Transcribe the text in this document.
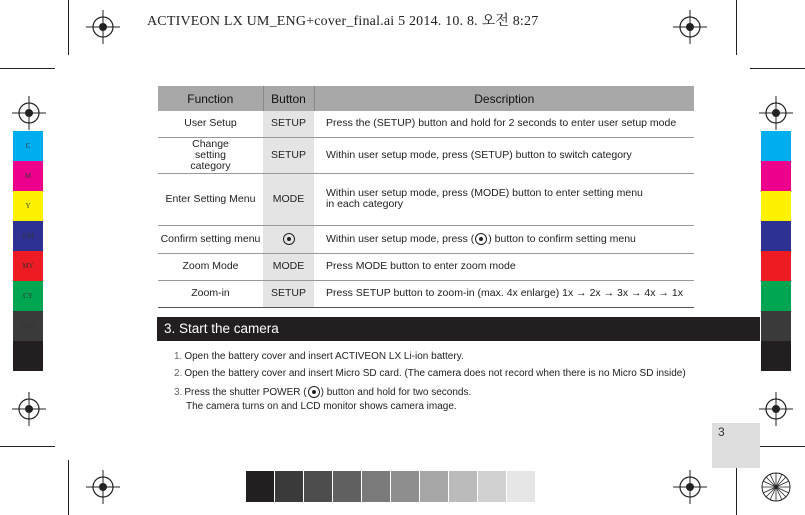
ACTIVEON LX UM_ENG+cover_final.ai 5 2014. 10. 8. 오전 8:27
C
M
Y
CM
MY
CY
CMY
Function	Button	Description
User Setup	SETUP	Press the (SETUP) button and hold for 2 seconds to enter user setup mode
Change setting category	SETUP	Within user setup mode, press (SETUP) button to switch category
Enter Setting Menu	MODE	Within user setup mode, press (MODE) button to enter setting menu
in each category
Confirm setting menu		Within user setup mode, press ( ) button to confirm setting menu
Zoom Mode	MODE	Press MODE button to enter zoom mode
Zoom-in	SETUP	Press SETUP button to zoom-in (max. 4x enlarge) 1x → 2x → 3x → 4x → 1x
3. Start the camera
1. Open the battery cover and insert ACTIVEON LX Li-ion battery.
2. Open the battery cover and insert Micro SD card. (The camera does not record when there is no Micro SD inside)
3. Press the shutter POWER ( ) button and hold for two seconds.
The camera turns on and LCD monitor shows camera image.
3
